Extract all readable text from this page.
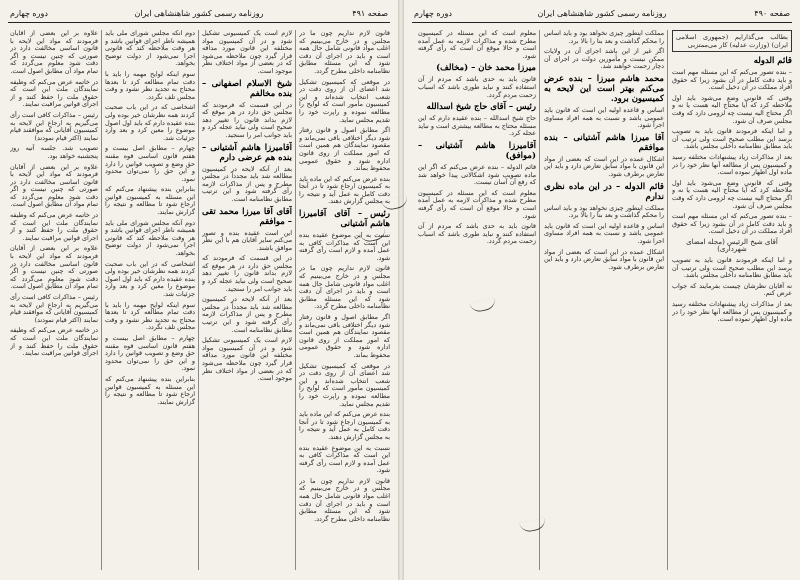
صفحه ۴۹۱
روزنامه رسمی کشور شاهنشاهی ایران
دوره چهارم

قانون لازم نداریم چون ما در مجلس و در خارج می‌بینیم که اغلب مواد قانونی شامل حال همه است و باید در اجرای آن دقت شود که این مسئله مطابق نظامنامه داخلی مطرح گردد.

در موقعی که کمیسیون تشکیل شد اعضای آن از روی دقت در شعب انتخاب شده‌اند و این کمیسیون مأمور است که لوایح را مطالعه نموده و راپرت خود را تقدیم مجلس نماید.

اگر مطابق اصول و قانون رفتار شود دیگر اختلافی باقی نمی‌ماند و مقصود نمایندگان هم همین است که امور مملکت از روی قانون اداره شود و حقوق عمومی محفوظ بماند.

بنده عرض می‌کنم که این ماده باید به کمیسیون ارجاع شود تا در آنجا دقت کامل به عمل آید و نتیجه را به مجلس گزارش دهند.

رئیس – آقای آقامیرزا هاشم آشتیانی

نسبت به این موضوع عقیده بنده این است که مذاکرات کافی به عمل آمده و لازم است رأی گرفته شود.

قانون لازم نداریم چون ما در مجلس و در خارج می‌بینیم که اغلب مواد قانونی شامل حال همه است و باید در اجرای آن دقت شود که این مسئله مطابق نظامنامه داخلی مطرح گردد.

اگر مطابق اصول و قانون رفتار شود دیگر اختلافی باقی نمی‌ماند و مقصود نمایندگان هم همین است که امور مملکت از روی قانون اداره شود و حقوق عمومی محفوظ بماند.

در موقعی که کمیسیون تشکیل شد اعضای آن از روی دقت در شعب انتخاب شده‌اند و این کمیسیون مأمور است که لوایح را مطالعه نموده و راپرت خود را تقدیم مجلس نماید.

بنده عرض می‌کنم که این ماده باید به کمیسیون ارجاع شود تا در آنجا دقت کامل به عمل آید و نتیجه را به مجلس گزارش دهند.

نسبت به این موضوع عقیده بنده این است که مذاکرات کافی به عمل آمده و لازم است رأی گرفته شود.

قانون لازم نداریم چون ما در مجلس و در خارج می‌بینیم که اغلب مواد قانونی شامل حال همه است و باید در اجرای آن دقت شود که این مسئله مطابق نظامنامه داخلی مطرح گردد.

لازم است یک کمیسیونی تشکیل شود و در آن کمیسیون مواد مختلفه این قانون مورد مداقه قرار گیرد چون ملاحظه می‌شود که در بعضی از مواد اختلاف نظر موجود است.

شیخ الاسلام اصفهانی – بنده مخالفم

در این قسمت که فرمودند که مجلس حق دارد در هر موقع که لازم بداند قانون را تغییر دهد صحیح است ولی نباید عجله کرد و باید جوانب امر را سنجید.

آقامیرزا هاشم آشتیانی – بنده هم عرضی دارم

بعد از آنکه لایحه در کمیسیون مطالعه شد باید مجدداً در مجلس مطرح و پس از مذاکرات لازمه رأی گرفته شود و این ترتیب مطابق نظامنامه است.

آقای آقا میرزا محمد تقی – موافقم

این است عقیده بنده و تصور می‌کنم سایر آقایان هم با این نظر موافق باشند.

در این قسمت که فرمودند که مجلس حق دارد در هر موقع که لازم بداند قانون را تغییر دهد صحیح است ولی نباید عجله کرد و باید جوانب امر را سنجید.

بعد از آنکه لایحه در کمیسیون مطالعه شد باید مجدداً در مجلس مطرح و پس از مذاکرات لازمه رأی گرفته شود و این ترتیب مطابق نظامنامه است.

لازم است یک کمیسیونی تشکیل شود و در آن کمیسیون مواد مختلفه این قانون مورد مداقه قرار گیرد چون ملاحظه می‌شود که در بعضی از مواد اختلاف نظر موجود است.

دوم آنکه مجلس شورای ملی باید همیشه ناظر اجرای قوانین باشد و هر وقت ملاحظه کند که قانونی اجرا نمی‌شود از دولت توضیح بخواهد.

سوم اینکه لوایح مهمه را باید با دقت تمام مطالعه کرد تا بعدها محتاج به تجدید نظر نشود و وقت مجلس تلف نگردد.

اشخاصی که در این باب صحبت کردند همه نظرشان خیر بوده ولی بنده عقیده دارم که باید اول اصول موضوع را معین کرد و بعد وارد جزئیات شد.

چهارم – مطابق اصل بیست و هفتم قانون اساسی قوه مقننه حق وضع و تصویب قوانین را دارد و این حق را نمی‌توان محدود نمود.

بنابراین بنده پیشنهاد می‌کنم که این مسئله به کمیسیون قوانین ارجاع شود تا مطالعه و نتیجه را گزارش نمایند.

دوم آنکه مجلس شورای ملی باید همیشه ناظر اجرای قوانین باشد و هر وقت ملاحظه کند که قانونی اجرا نمی‌شود از دولت توضیح بخواهد.

اشخاصی که در این باب صحبت کردند همه نظرشان خیر بوده ولی بنده عقیده دارم که باید اول اصول موضوع را معین کرد و بعد وارد جزئیات شد.

سوم اینکه لوایح مهمه را باید با دقت تمام مطالعه کرد تا بعدها محتاج به تجدید نظر نشود و وقت مجلس تلف نگردد.

چهارم – مطابق اصل بیست و هفتم قانون اساسی قوه مقننه حق وضع و تصویب قوانین را دارد و این حق را نمی‌توان محدود نمود.

بنابراین بنده پیشنهاد می‌کنم که این مسئله به کمیسیون قوانین ارجاع شود تا مطالعه و نتیجه را گزارش نمایند.

علاوه بر این بعضی از آقایان فرمودند که مواد این لایحه با قانون اساسی مخالفت دارد در صورتی که چنین نیست و اگر دقت شود معلوم می‌گردد که تمام مواد آن مطابق اصول است.

در خاتمه عرض می‌کنم که وظیفه نمایندگان ملت این است که حقوق ملت را حفظ کنند و از اجرای قوانین مراقبت نمایند.

رئیس – مذاکرات کافی است رأی می‌گیریم به ارجاع این لایحه به کمیسیون آقایانی که موافقند قیام نمایند (اکثر قیام نمودند)

تصویب شد. جلسه آتیه روز پنجشنبه خواهد بود.

علاوه بر این بعضی از آقایان فرمودند که مواد این لایحه با قانون اساسی مخالفت دارد در صورتی که چنین نیست و اگر دقت شود معلوم می‌گردد که تمام مواد آن مطابق اصول است.

در خاتمه عرض می‌کنم که وظیفه نمایندگان ملت این است که حقوق ملت را حفظ کنند و از اجرای قوانین مراقبت نمایند.

علاوه بر این بعضی از آقایان فرمودند که مواد این لایحه با قانون اساسی مخالفت دارد در صورتی که چنین نیست و اگر دقت شود معلوم می‌گردد که تمام مواد آن مطابق اصول است.

رئیس – مذاکرات کافی است رأی می‌گیریم به ارجاع این لایحه به کمیسیون آقایانی که موافقند قیام نمایند (اکثر قیام نمودند)

در خاتمه عرض می‌کنم که وظیفه نمایندگان ملت این است که حقوق ملت را حفظ کنند و از اجرای قوانین مراقبت نمایند.

صفحه ۴۹۰
روزنامه رسمی کشور شاهنشاهی ایران
دوره چهارم
بطالب می‌گذارایم (جمهوری اسلامی ایران) (وزارت عدلیه) کار می‌ممتزبی
قائم الدوله

– بنده تصور می‌کنم که این مسئله مهم است و باید دقت کامل در آن بشود زیرا که حقوق افراد مملکت در آن دخیل است.

وقتی که قانونی وضع می‌شود باید اول ملاحظه کرد که آیا محتاج الیه هست یا نه و اگر محتاج الیه نیست چه لزومی دارد که وقت مجلس صرف آن شود.

و اما اینکه فرمودند قانون باید به تصویب برسد این مطلب صحیح است ولی ترتیب آن باید مطابق نظامنامه داخلی مجلس باشد.

بعد از مذاکرات زیاد پیشنهادات مختلفه رسید و کمیسیون پس از مطالعه آنها نظر خود را در ماده اول اظهار نموده است.

وقتی که قانونی وضع می‌شود باید اول ملاحظه کرد که آیا محتاج الیه هست یا نه و اگر محتاج الیه نیست چه لزومی دارد که وقت مجلس صرف آن شود.

– بنده تصور می‌کنم که این مسئله مهم است و باید دقت کامل در آن بشود زیرا که حقوق افراد مملکت در آن دخیل است.

آقای شیخ الرئیس (مجله امضای شهرداری)

و اما اینکه فرمودند قانون باید به تصویب برسد این مطلب صحیح است ولی ترتیب آن باید مطابق نظامنامه داخلی مجلس باشد.

نه آقایان نظرشان چیست بفرمایند که جواب عرض کنم.

بعد از مذاکرات زیاد پیشنهادات مختلفه رسید و کمیسیون پس از مطالعه آنها نظر خود را در ماده اول اظهار نموده است.

مملکت اینطور چیزی نخواهد بود و باید اساس را محکم گذاشت و بعد بنا را بالا برد.

اگر غیر از این باشد اجرای آن در ولایات ممکن نیست و مأمورین دولت در اجرای آن دچار زحمت خواهند شد.

محمد هاشم میرزا – بنده عرض می‌کنم بهتر است این لایحه به کمیسیون برود.

اساس و قاعده اولیه این است که قانون باید عمومی باشد و نسبت به همه افراد مساوی اجرا شود.

آقا میرزا هاشم آشتیانی – بنده موافقم

اشکال عمده در این است که بعضی از مواد این قانون با مواد سابق تعارض دارد و باید این تعارض برطرف شود.

قائم الدوله – در این ماده نظری ندارم

مملکت اینطور چیزی نخواهد بود و باید اساس را محکم گذاشت و بعد بنا را بالا برد.

اساس و قاعده اولیه این است که قانون باید عمومی باشد و نسبت به همه افراد مساوی اجرا شود.

اشکال عمده در این است که بعضی از مواد این قانون با مواد سابق تعارض دارد و باید این تعارض برطرف شود.

معلوم است که این مسئله در کمیسیون مطرح شده و مذاکرات لازمه به عمل آمده است و حالا موقع آن است که رأی گرفته شود.

میرزا محمد خان – (مخالف)

قانون باید به حدی باشد که مردم از آن استفاده کنند و نباید طوری باشد که اسباب زحمت مردم گردد.

رئیس – آقای حاج شیخ اسدالله

حاج شیخ اسدالله – بنده عقیده دارم که این مسئله محتاج به مطالعه بیشتری است و نباید عجله کرد.

آقامیرزا هاشم آشتیانی – (موافق)

قائم الدوله – بنده عرض می‌کنم که اگر این ماده تصویب شود اشکالاتی پیدا خواهد شد که رفع آن آسان نیست.

معلوم است که این مسئله در کمیسیون مطرح شده و مذاکرات لازمه به عمل آمده است و حالا موقع آن است که رأی گرفته شود.

قانون باید به حدی باشد که مردم از آن استفاده کنند و نباید طوری باشد که اسباب زحمت مردم گردد.
